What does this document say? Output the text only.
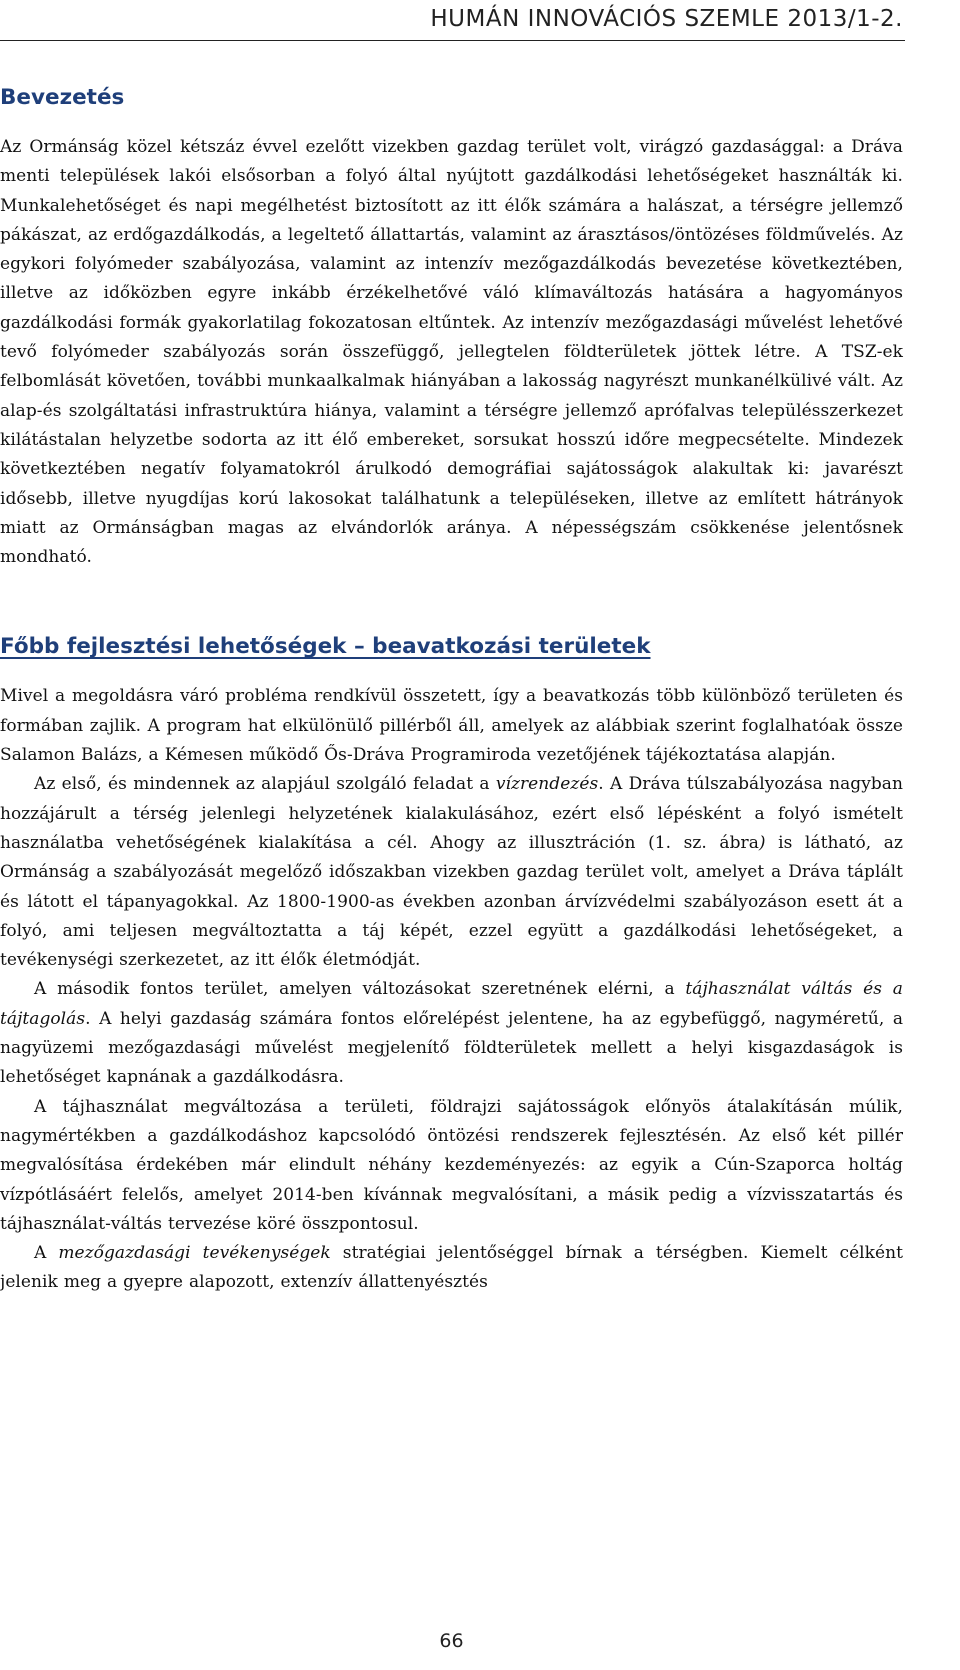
HUMÁN INNOVÁCIÓS SZEMLE 2013/1-2.
Bevezetés

Az Ormánság közel kétszáz évvel ezelőtt vizekben gazdag terület volt, virágzó gazdasággal: a Dráva menti települések lakói elsősorban a folyó által nyújtott gazdálkodási lehetőségeket használták ki. Munkalehetőséget és napi megélhetést biztosított az itt élők számára a halászat, a térségre jellemző pákászat, az erdőgazdálkodás, a legeltető állattartás, valamint az árasztásos/öntözéses földművelés. Az egykori folyómeder szabályozása, valamint az intenzív mezőgazdálkodás bevezetése következtében, illetve az időközben egyre inkább érzékelhetővé váló klímaváltozás hatására a hagyományos gazdálkodási formák gyakorlatilag fokozatosan eltűntek. Az intenzív mezőgazdasági művelést lehetővé tevő folyómeder szabályozás során összefüggő, jellegtelen földterületek jöttek létre. A TSZ-ek felbomlását követően, további munkaalkalmak hiányában a lakosság nagyrészt munkanélkülivé vált. Az alap-és szolgáltatási infrastruktúra hiánya, valamint a térségre jellemző aprófalvas településszerkezet kilátástalan helyzetbe sodorta az itt élő embereket, sorsukat hosszú időre megpecsételte. Mindezek következtében negatív folyamatokról árulkodó demográfiai sajátosságok alakultak ki: javarészt idősebb, illetve nyugdíjas korú lakosokat találhatunk a településeken, illetve az említett hátrányok miatt az Ormánságban magas az elvándorlók aránya. A népességszám csökkenése jelentősnek mondható.

Főbb fejlesztési lehetőségek – beavatkozási területek

Mivel a megoldásra váró probléma rendkívül összetett, így a beavatkozás több különböző területen és formában zajlik. A program hat elkülönülő pillérből áll, amelyek az alábbiak szerint foglalhatóak össze Salamon Balázs, a Kémesen működő Ős-Dráva Programiroda vezetőjének tájékoztatása alapján.

Az első, és mindennek az alapjául szolgáló feladat a vízrendezés. A Dráva túlszabályozása nagyban hozzájárult a térség jelenlegi helyzetének kialakulásához, ezért első lépésként a folyó ismételt használatba vehetőségének kialakítása a cél. Ahogy az illusztráción (1. sz. ábra) is látható, az Ormánság a szabályozását megelőző időszakban vizekben gazdag terület volt, amelyet a Dráva táplált és látott el tápanyagokkal. Az 1800-1900-as években azonban árvízvédelmi szabályozáson esett át a folyó, ami teljesen megváltoztatta a táj képét, ezzel együtt a gazdálkodási lehetőségeket, a tevékenységi szerkezetet, az itt élők életmódját.

A második fontos terület, amelyen változásokat szeretnének elérni, a tájhasználat váltás és a tájtagolás. A helyi gazdaság számára fontos előrelépést jelentene, ha az egybefüggő, nagyméretű, a nagyüzemi mezőgazdasági művelést megjelenítő földterületek mellett a helyi kisgazdaságok is lehetőséget kapnának a gazdálkodásra.

A tájhasználat megváltozása a területi, földrajzi sajátosságok előnyös átalakításán múlik, nagymértékben a gazdálkodáshoz kapcsolódó öntözési rendszerek fejlesztésén. Az első két pillér megvalósítása érdekében már elindult néhány kezdeményezés: az egyik a Cún-Szaporca holtág vízpótlásáért felelős, amelyet 2014-ben kívánnak megvalósítani, a másik pedig a vízvisszatartás és tájhasználat-váltás tervezése köré összpontosul.

A mezőgazdasági tevékenységek stratégiai jelentőséggel bírnak a térségben. Kiemelt célként jelenik meg a gyepre alapozott, extenzív állattenyésztés

66
